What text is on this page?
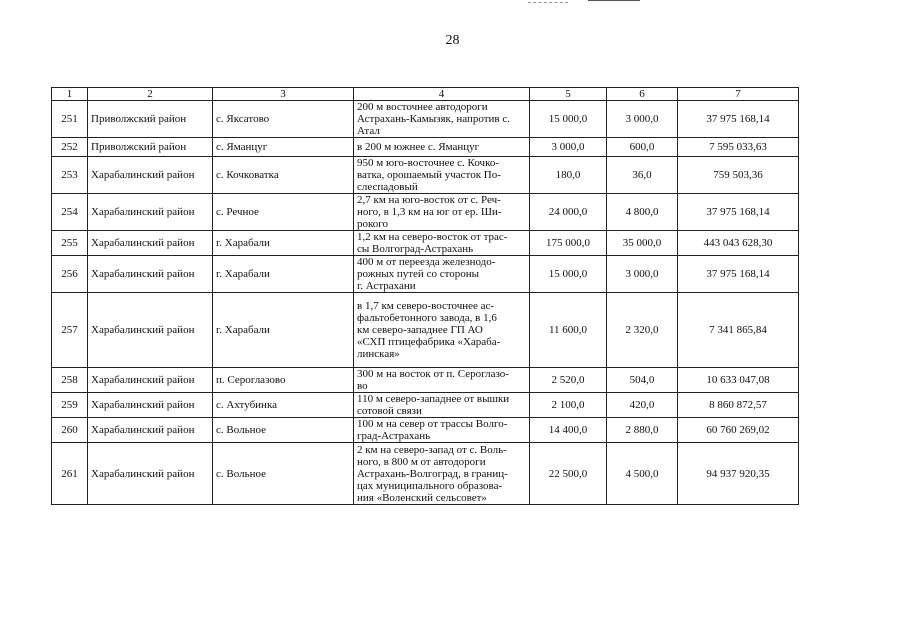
28
1	2	3	4	5	6	7
251	Приволжский район	с. Яксатово	200 м восточнее автодороги
Астрахань-Камызяк, напротив с.
Атал	15 000,0	3 000,0	37 975 168,14
252	Приволжский район	с. Яманцуг	в 200 м южнее с. Яманцуг	3 000,0	600,0	7 595 033,63
253	Харабалинский район	с. Кочковатка	950 м юго-восточнее с. Кочко-
ватка, орошаемый участок По-
слеспадовый	180,0	36,0	759 503,36
254	Харабалинский район	с. Речное	2,7 км на юго-восток от с. Реч-
ного, в 1,3 км на юг от ер. Ши-
рокого	24 000,0	4 800,0	37 975 168,14
255	Харабалинский район	г. Харабали	1,2 км на северо-восток от трас-
сы Волгоград-Астрахань	175 000,0	35 000,0	443 043 628,30
256	Харабалинский район	г. Харабали	400 м от переезда железнодо-
рожных путей со стороны
г. Астрахани	15 000,0	3 000,0	37 975 168,14
257	Харабалинский район	г. Харабали	в 1,7 км северо-восточнее ас-
фальтобетонного завода, в 1,6
км северо-западнее ГП АО
«СХП птицефабрика «Хараба-
линская»	11 600,0	2 320,0	7 341 865,84
258	Харабалинский район	п. Сероглазово	300 м на восток от п. Сероглазо-
во	2 520,0	504,0	10 633 047,08
259	Харабалинский район	с. Ахтубинка	110 м северо-западнее от вышки
сотовой связи	2 100,0	420,0	8 860 872,57
260	Харабалинский район	с. Вольное	100 м на север от трассы Волго-
град-Астрахань	14 400,0	2 880,0	60 760 269,02
261	Харабалинский район	с. Вольное	2 км на северо-запад от с. Воль-
ного, в 800 м от автодороги
Астрахань-Волгоград, в границ-
цах муниципального образова-
ния «Воленский сельсовет»	22 500,0	4 500,0	94 937 920,35
